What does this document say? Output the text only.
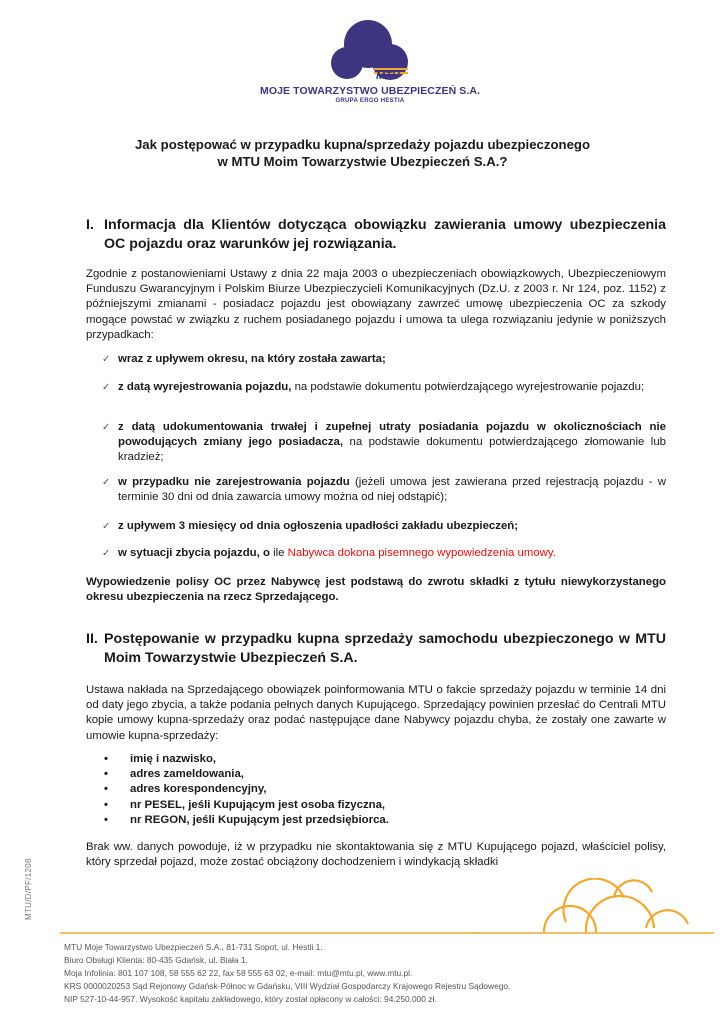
MTU
MOJE TOWARZYSTWO UBEZPIECZEŃ S.A.
GRUPA ERGO HESTIA
Jak postępować w przypadku kupna/sprzedaży pojazdu ubezpieczonego
w MTU Moim Towarzystwie Ubezpieczeń S.A.?
I. Informacja dla Klientów dotycząca obowiązku zawierania umowy ubezpieczenia OC pojazdu oraz warunków jej rozwiązania.
Zgodnie z postanowieniami Ustawy z dnia 22 maja 2003 o ubezpieczeniach obowiązkowych, Ubezpieczeniowym Funduszu Gwarancyjnym i Polskim Biurze Ubezpieczycieli Komunikacyjnych (Dz.U. z 2003 r. Nr 124, poz. 1152) z późniejszymi zmianami - posiadacz pojazdu jest obowiązany zawrzeć umowę ubezpieczenia OC za szkody mogące powstać w związku z ruchem posiadanego pojazdu i umowa ta ulega rozwiązaniu jedynie w poniższych przypadkach:
✓ wraz z upływem okresu, na który została zawarta;
✓ z datą wyrejestrowania pojazdu, na podstawie dokumentu potwierdzającego wyrejestrowanie pojazdu;
✓ z datą udokumentowania trwałej i zupełnej utraty posiadania pojazdu w okolicznościach nie powodujących zmiany jego posiadacza, na podstawie dokumentu potwierdzającego złomowanie lub kradzież;
✓ w przypadku nie zarejestrowania pojazdu (jeżeli umowa jest zawierana przed rejestracją pojazdu - w terminie 30 dni od dnia zawarcia umowy można od niej odstąpić);
✓ z upływem 3 miesięcy od dnia ogłoszenia upadłości zakładu ubezpieczeń;
✓ w sytuacji zbycia pojazdu, o ile Nabywca dokona pisemnego wypowiedzenia umowy.
Wypowiedzenie polisy OC przez Nabywcę jest podstawą do zwrotu składki z tytułu niewykorzystanego okresu ubezpieczenia na rzecz Sprzedającego.
II. Postępowanie w przypadku kupna sprzedaży samochodu ubezpieczonego w MTU Moim Towarzystwie Ubezpieczeń S.A.
Ustawa nakłada na Sprzedającego obowiązek poinformowania MTU o fakcie sprzedaży pojazdu w terminie 14 dni od daty jego zbycia, a także podania pełnych danych Kupującego. Sprzedający powinien przesłać do Centrali MTU kopie umowy kupna-sprzedaży oraz podać następujące dane Nabywcy pojazdu chyba, że zostały one zawarte w umowie kupna-sprzedaży:
• imię i nazwisko,
• adres zameldowania,
• adres korespondencyjny,
• nr PESEL, jeśli Kupującym jest osoba fizyczna,
• nr REGON, jeśli Kupującym jest przedsiębiorca.
Brak ww. danych powoduje, iż w przypadku nie skontaktowania się z MTU Kupującego pojazd, właściciel polisy, który sprzedał pojazd, może zostać obciążony dochodzeniem i windykacją składki
MTU/D/PF/1208
MTU Moje Towarzystwo Ubezpieczeń S.A., 81-731 Sopot, ul. Hestii 1.
Biuro Obsługi Klienta: 80-435 Gdańsk, ul. Biała 1.
Moja Infolinia: 801 107 108, 58 555 62 22, fax 58 555 63 02, e-mail: mtu@mtu.pl, www.mtu.pl.
KRS 0000020253 Sąd Rejonowy Gdańsk-Północ w Gdańsku, VIII Wydział Gospodarczy Krajowego Rejestru Sądowego.
NIP 527-10-44-957. Wysokość kapitału zakładowego, który został opłacony w całości: 94.250.000 zł.
